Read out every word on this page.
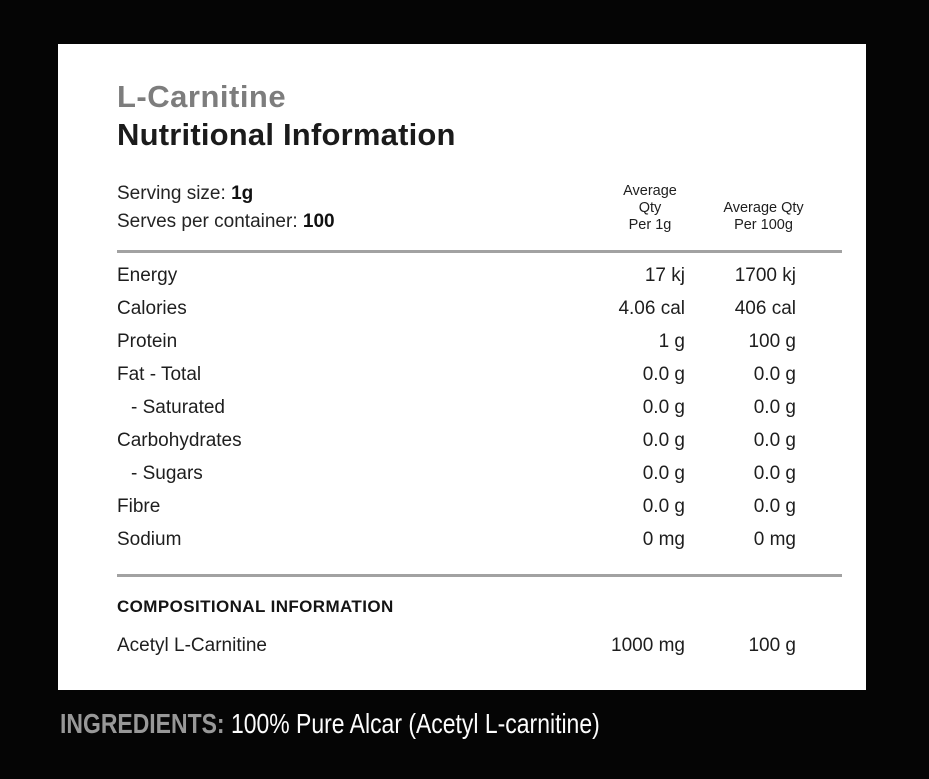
L-Carnitine
Nutritional Information
Serving size: 1g
Serves per container: 100
Average Qty
Per 1g
Average Qty
Per 100g
Energy	17 kj	1700 kj
Calories	4.06 cal	406 cal
Protein	1 g	100 g
Fat - Total	0.0 g	0.0 g
- Saturated	0.0 g	0.0 g
Carbohydrates	0.0 g	0.0 g
- Sugars	0.0 g	0.0 g
Fibre	0.0 g	0.0 g
Sodium	0 mg	0 mg
COMPOSITIONAL INFORMATION
Acetyl L-Carnitine	1000 mg	100 g
INGREDIENTS: 100% Pure Alcar (Acetyl L-carnitine)
